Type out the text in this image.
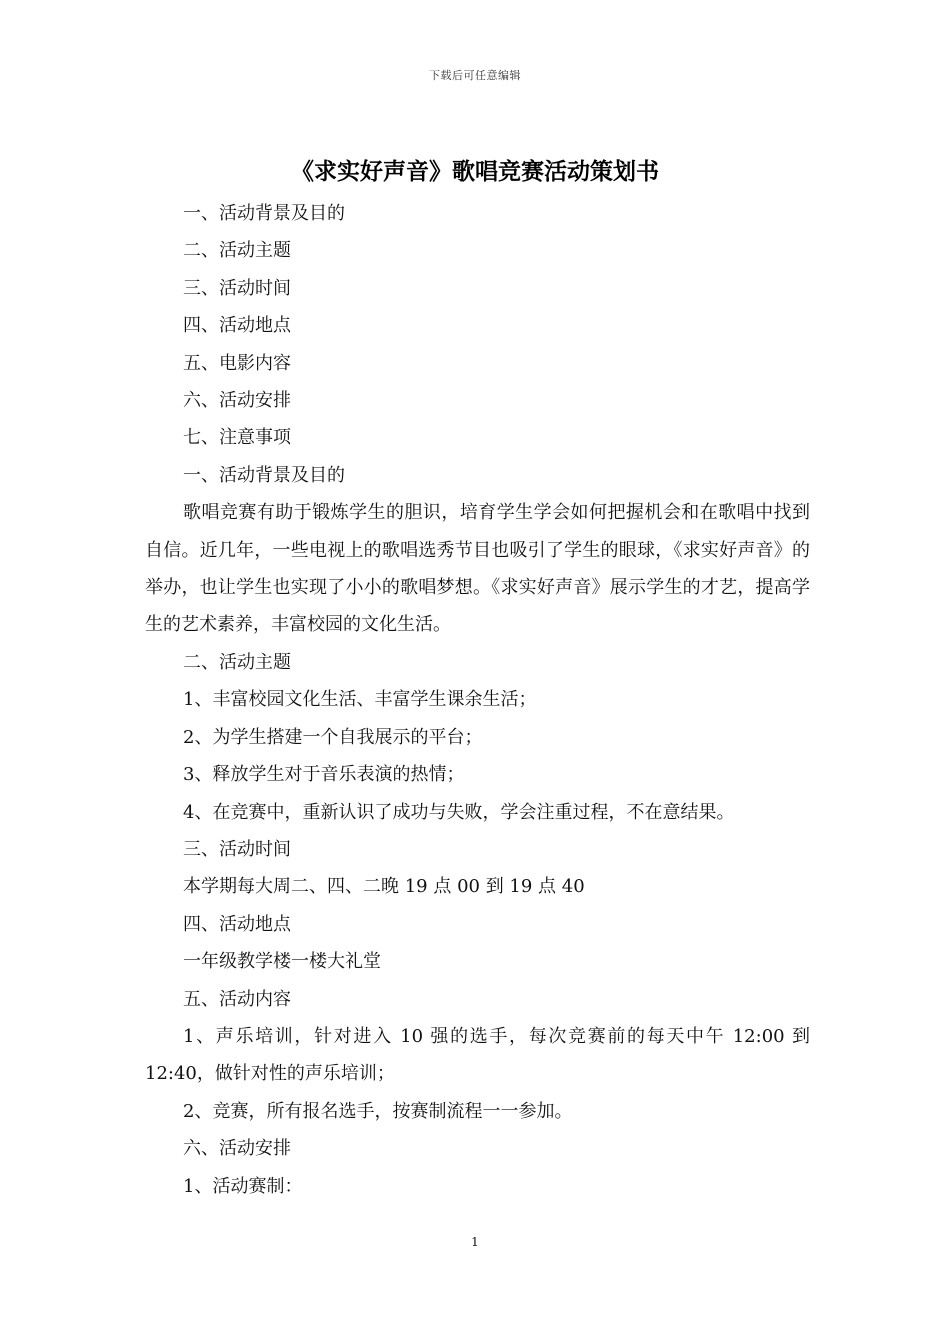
下载后可任意编辑
《求实好声音》歌唱竞赛活动策划书

一、活动背景及目的

二、活动主题

三、活动时间

四、活动地点

五、电影内容

六、活动安排

七、注意事项

一、活动背景及目的

歌唱竞赛有助于锻炼学生的胆识，培育学生学会如何把握机会和在歌唱中找到自信。近几年，一些电视上的歌唱选秀节目也吸引了学生的眼球，《求实好声音》的举办，也让学生也实现了小小的歌唱梦想。《求实好声音》展示学生的才艺，提高学生的艺术素养，丰富校园的文化生活。

二、活动主题

1、丰富校园文化生活、丰富学生课余生活；

2、为学生搭建一个自我展示的平台；

3、释放学生对于音乐表演的热情；

4、在竞赛中，重新认识了成功与失败，学会注重过程，不在意结果。

三、活动时间

本学期每大周二、四、二晚 19 点 00 到 19 点 40

四、活动地点

一年级教学楼一楼大礼堂

五、活动内容

1、声乐培训，针对进入 10 强的选手，每次竞赛前的每天中午 12:00 到 12:40，做针对性的声乐培训；

2、竞赛，所有报名选手，按赛制流程一一参加。

六、活动安排

1、活动赛制：

1
